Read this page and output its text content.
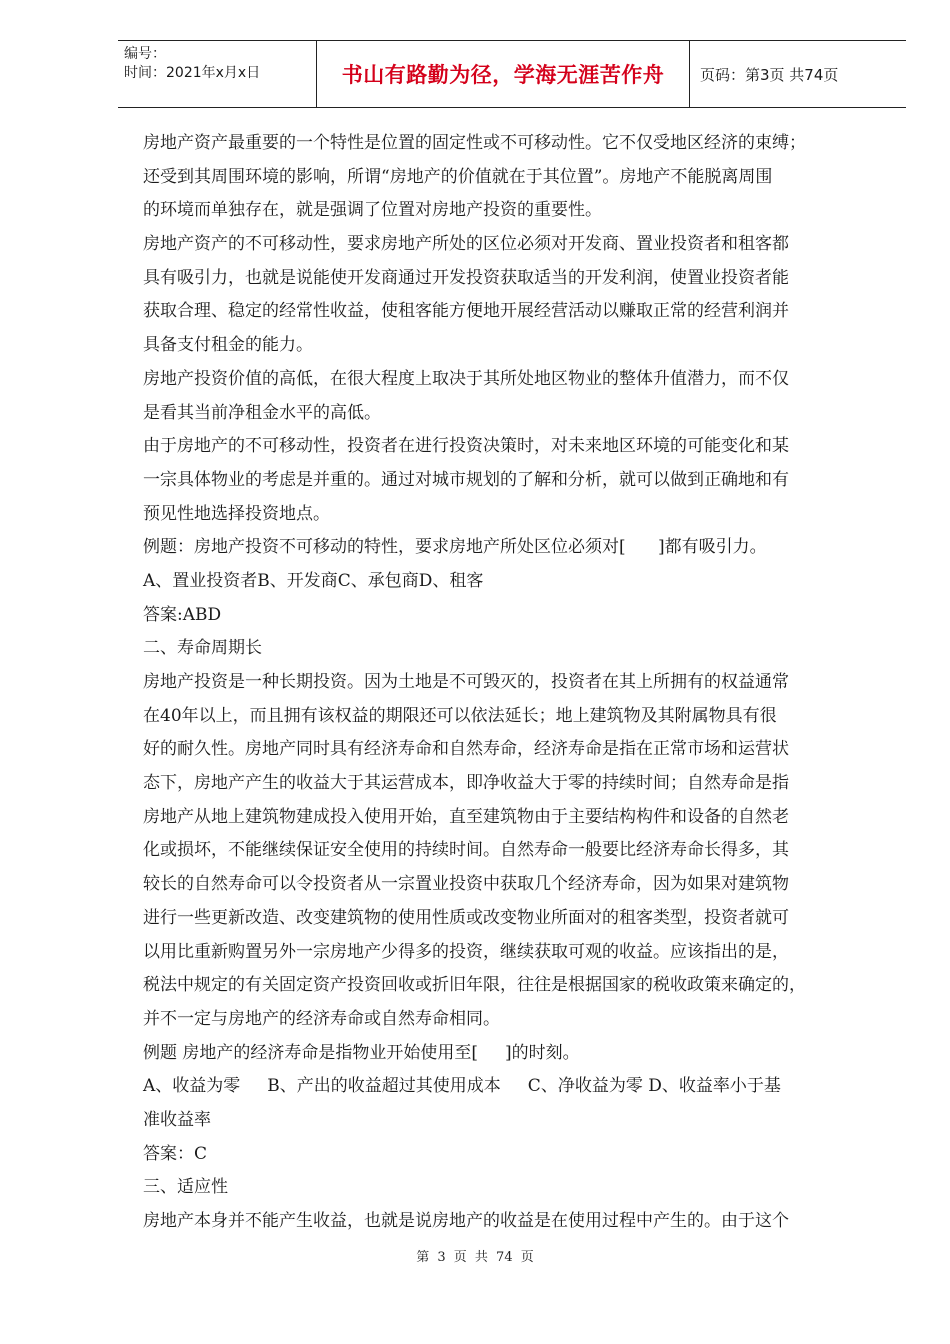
编号：
时间：2021年x月x日	书山有路勤为径，学海无涯苦作舟 页码：第3页 共74页
房地产资产最重要的一个特性是位置的固定性或不可移动性。它不仅受地区经济的束缚；
还受到其周围环境的影响，所谓“房地产的价值就在于其位置”。房地产不能脱离周围
的环境而单独存在，就是强调了位置对房地产投资的重要性。
房地产资产的不可移动性，要求房地产所处的区位必须对开发商、置业投资者和租客都
具有吸引力，也就是说能使开发商通过开发投资获取适当的开发利润，使置业投资者能
获取合理、稳定的经常性收益，使租客能方便地开展经营活动以赚取正常的经营利润并
具备支付租金的能力。
房地产投资价值的高低，在很大程度上取决于其所处地区物业的整体升值潜力，而不仅
是看其当前净租金水平的高低。
由于房地产的不可移动性，投资者在进行投资决策时，对未来地区环境的可能变化和某
一宗具体物业的考虑是并重的。通过对城市规划的了解和分析，就可以做到正确地和有
预见性地选择投资地点。
例题：房地产投资不可移动的特性，要求房地产所处区位必须对[      ]都有吸引力。
A、置业投资者B、开发商C、承包商D、租客
答案:ABD
二、寿命周期长
房地产投资是一种长期投资。因为土地是不可毁灭的，投资者在其上所拥有的权益通常
在40年以上，而且拥有该权益的期限还可以依法延长；地上建筑物及其附属物具有很
好的耐久性。房地产同时具有经济寿命和自然寿命，经济寿命是指在正常市场和运营状
态下，房地产产生的收益大于其运营成本，即净收益大于零的持续时间；自然寿命是指
房地产从地上建筑物建成投入使用开始，直至建筑物由于主要结构构件和设备的自然老
化或损坏，不能继续保证安全使用的持续时间。自然寿命一般要比经济寿命长得多，其
较长的自然寿命可以令投资者从一宗置业投资中获取几个经济寿命，因为如果对建筑物
进行一些更新改造、改变建筑物的使用性质或改变物业所面对的租客类型，投资者就可
以用比重新购置另外一宗房地产少得多的投资，继续获取可观的收益。应该指出的是，
税法中规定的有关固定资产投资回收或折旧年限，往往是根据国家的税收政策来确定的，
并不一定与房地产的经济寿命或自然寿命相同。
例题 房地产的经济寿命是指物业开始使用至[     ]的时刻。
A、收益为零     B、产出的收益超过其使用成本     C、净收益为零 D、收益率小于基
准收益率
答案：C
三、适应性
房地产本身并不能产生收益，也就是说房地产的收益是在使用过程中产生的。由于这个
第 3 页 共 74 页
